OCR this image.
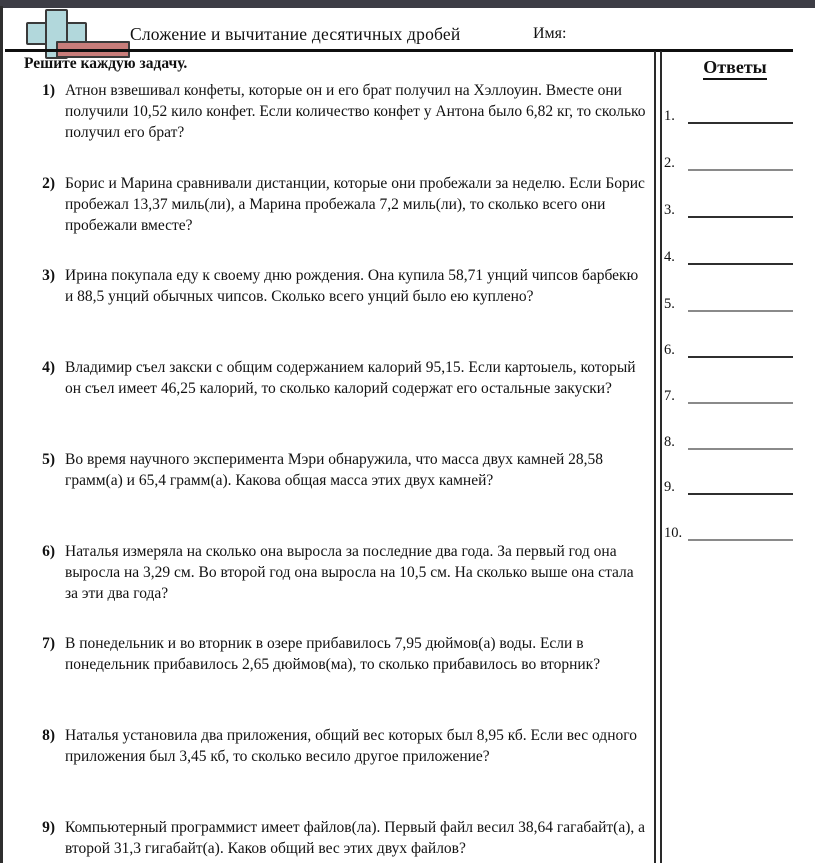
Сложение и вычитание десятичных дробей	Имя:
Решите каждую задачу.	Ответы
1.
2.
3.
4.
5.
6.
7.
8.
9.
10.
1) Атнон взвешивал конфеты, которые он и его брат получил на Хэллоуин. Вместе они получили 10,52 кило конфет. Если количество конфет у Антона было 6,82 кг, то сколько получил его брат?
2) Борис и Марина сравнивали дистанции, которые они пробежали за неделю. Если Борис пробежал 13,37 миль(ли), а Марина пробежала 7,2 миль(ли), то сколько всего они пробежали вместе?
3) Ирина покупала еду к своему дню рождения. Она купила 58,71 унций чипсов барбекю и 88,5 унций обычных чипсов. Сколько всего унций было ею куплено?
4) Владимир съел закски с общим содержанием калорий 95,15. Если картоыель, который он съел имеет 46,25 калорий, то сколько калорий содержат его остальные закуски?
5) Во время научного эксперимента Мэри обнаружила, что масса двух камней 28,58 грамм(а) и 65,4 грамм(а). Какова общая масса этих двух камней?
6) Наталья измеряла на сколько она выросла за последние два года. За первый год она выросла на 3,29 см. Во второй год она выросла на 10,5 см. На сколько выше она стала за эти два года?
7) В понедельник и во вторник в озере прибавилось 7,95 дюймов(а) воды. Если в понедельник прибавилось 2,65 дюймов(ма), то сколько прибавилось во вторник?
8) Наталья установила два приложения, общий вес которых был 8,95 кб. Если вес одного приложения был 3,45 кб, то сколько весило другое приложение?
9) Компьютерный программист имеет файлов(ла). Первый файл весил 38,64 гагабайт(а), а второй 31,3 гигабайт(а). Каков общий вес этих двух файлов?
